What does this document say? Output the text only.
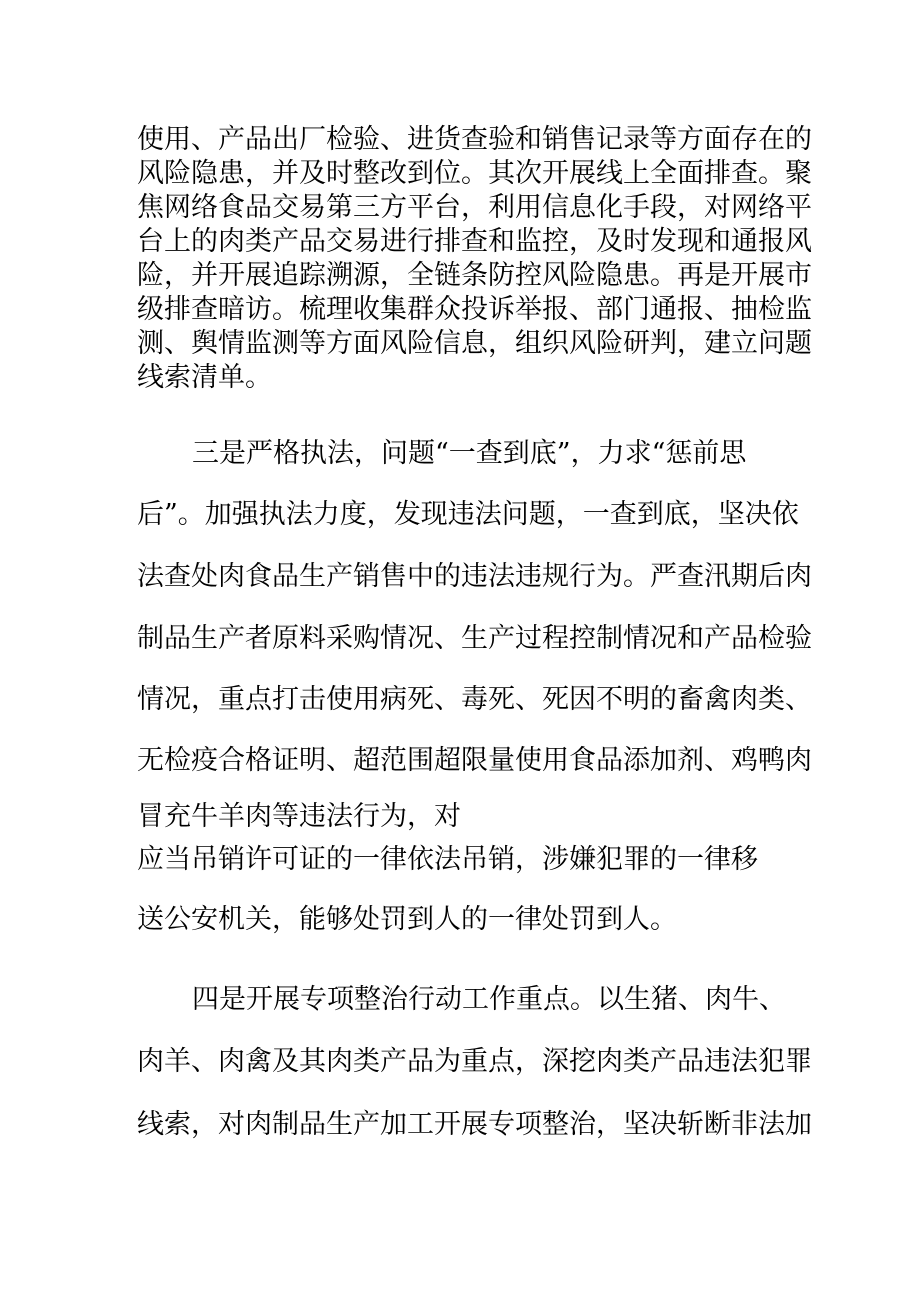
使用、产品出厂检验、进货查验和销售记录等方面存在的
风险隐患，并及时整改到位。其次开展线上全面排查。聚
焦网络食品交易第三方平台，利用信息化手段，对网络平
台上的肉类产品交易进行排查和监控，及时发现和通报风
险，并开展追踪溯源，全链条防控风险隐患。再是开展市
级排查暗访。梳理收集群众投诉举报、部门通报、抽检监
测、舆情监测等方面风险信息，组织风险研判，建立问题
线索清单。
三是严格执法，问题“一查到底”，力求“惩前思
后”。加强执法力度，发现违法问题，一查到底，坚决依
法查处肉食品生产销售中的违法违规行为。严查汛期后肉
制品生产者原料采购情况、生产过程控制情况和产品检验
情况，重点打击使用病死、毒死、死因不明的畜禽肉类、
无检疫合格证明、超范围超限量使用食品添加剂、鸡鸭肉
冒充牛羊肉等违法行为，对
应当吊销许可证的一律依法吊销，涉嫌犯罪的一律移
送公安机关，能够处罚到人的一律处罚到人。
四是开展专项整治行动工作重点。以生猪、肉牛、
肉羊、肉禽及其肉类产品为重点，深挖肉类产品违法犯罪
线索，对肉制品生产加工开展专项整治，坚决斩断非法加
